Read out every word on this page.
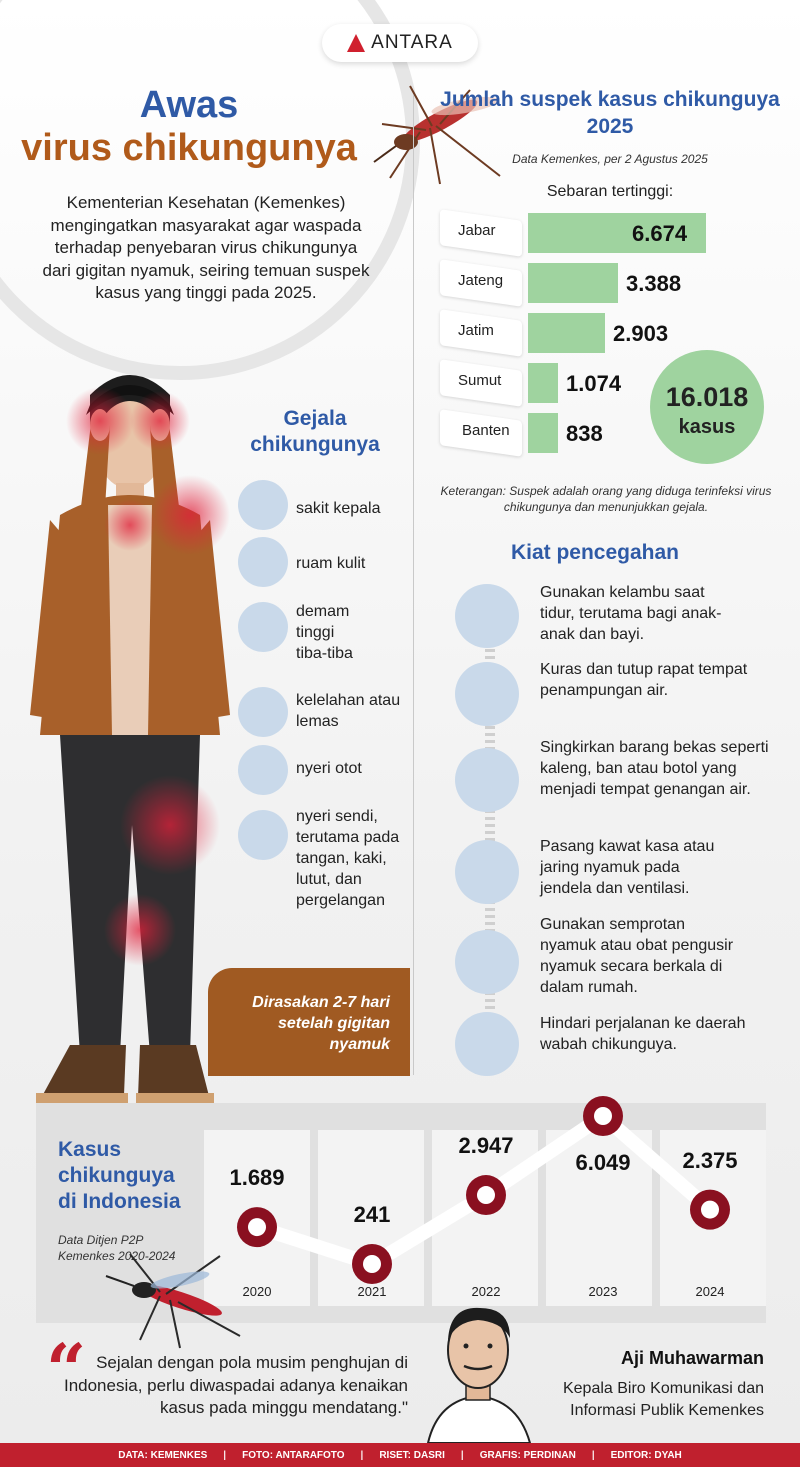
ANTARA
Awas
virus chikungunya
Kementerian Kesehatan (Kemenkes) mengingatkan masyarakat agar waspada terhadap penyebaran virus chikungunya dari gigitan nyamuk, seiring temuan suspek kasus yang tinggi pada 2025.
Jumlah suspek kasus chikunguya 2025
Data Kemenkes, per 2 Agustus 2025
Sebaran tertinggi:
16.018
kasus
Keterangan: Suspek adalah orang yang diduga terinfeksi virus chikungunya dan menunjukkan gejala.
Gejala chikungunya
Dirasakan 2-7 hari setelah gigitan nyamuk
Kiat pencegahan
Kasus chikunguya di Indonesia
Data Ditjen P2P Kemenkes 2020-2024
“ Sejalan dengan pola musim penghujan di Indonesia, perlu diwaspadai adanya kenaikan kasus pada minggu mendatang."
Aji Muhawarman
Kepala Biro Komunikasi dan Informasi Publik Kemenkes
DATA: KEMENKES | FOTO: ANTARAFOTO | RISET: DASRI | GRAFIS: PERDINAN | EDITOR: DYAH
Jabar	6.674
Jateng	3.388
Jatim	2.903
Sumut	1.074
Banten	838
sakit kepala
ruam kulit
demam tinggi tiba-tiba
kelelahan atau lemas
nyeri otot
nyeri sendi, terutama pada tangan, kaki, lutut, dan pergelangan
Gunakan kelambu saat tidur, terutama bagi anak-anak dan bayi.
Kuras dan tutup rapat tempat penampungan air.
Singkirkan barang bekas seperti kaleng, ban atau botol yang menjadi tempat genangan air.
Pasang kawat kasa atau jaring nyamuk pada jendela dan ventilasi.
Gunakan semprotan nyamuk atau obat pengusir nyamuk secara berkala di dalam rumah.
Hindari perjalanan ke daerah wabah chikunguya.
1.689
2020
241
2021
2.947
2022
6.049
2023
2.375
2024
